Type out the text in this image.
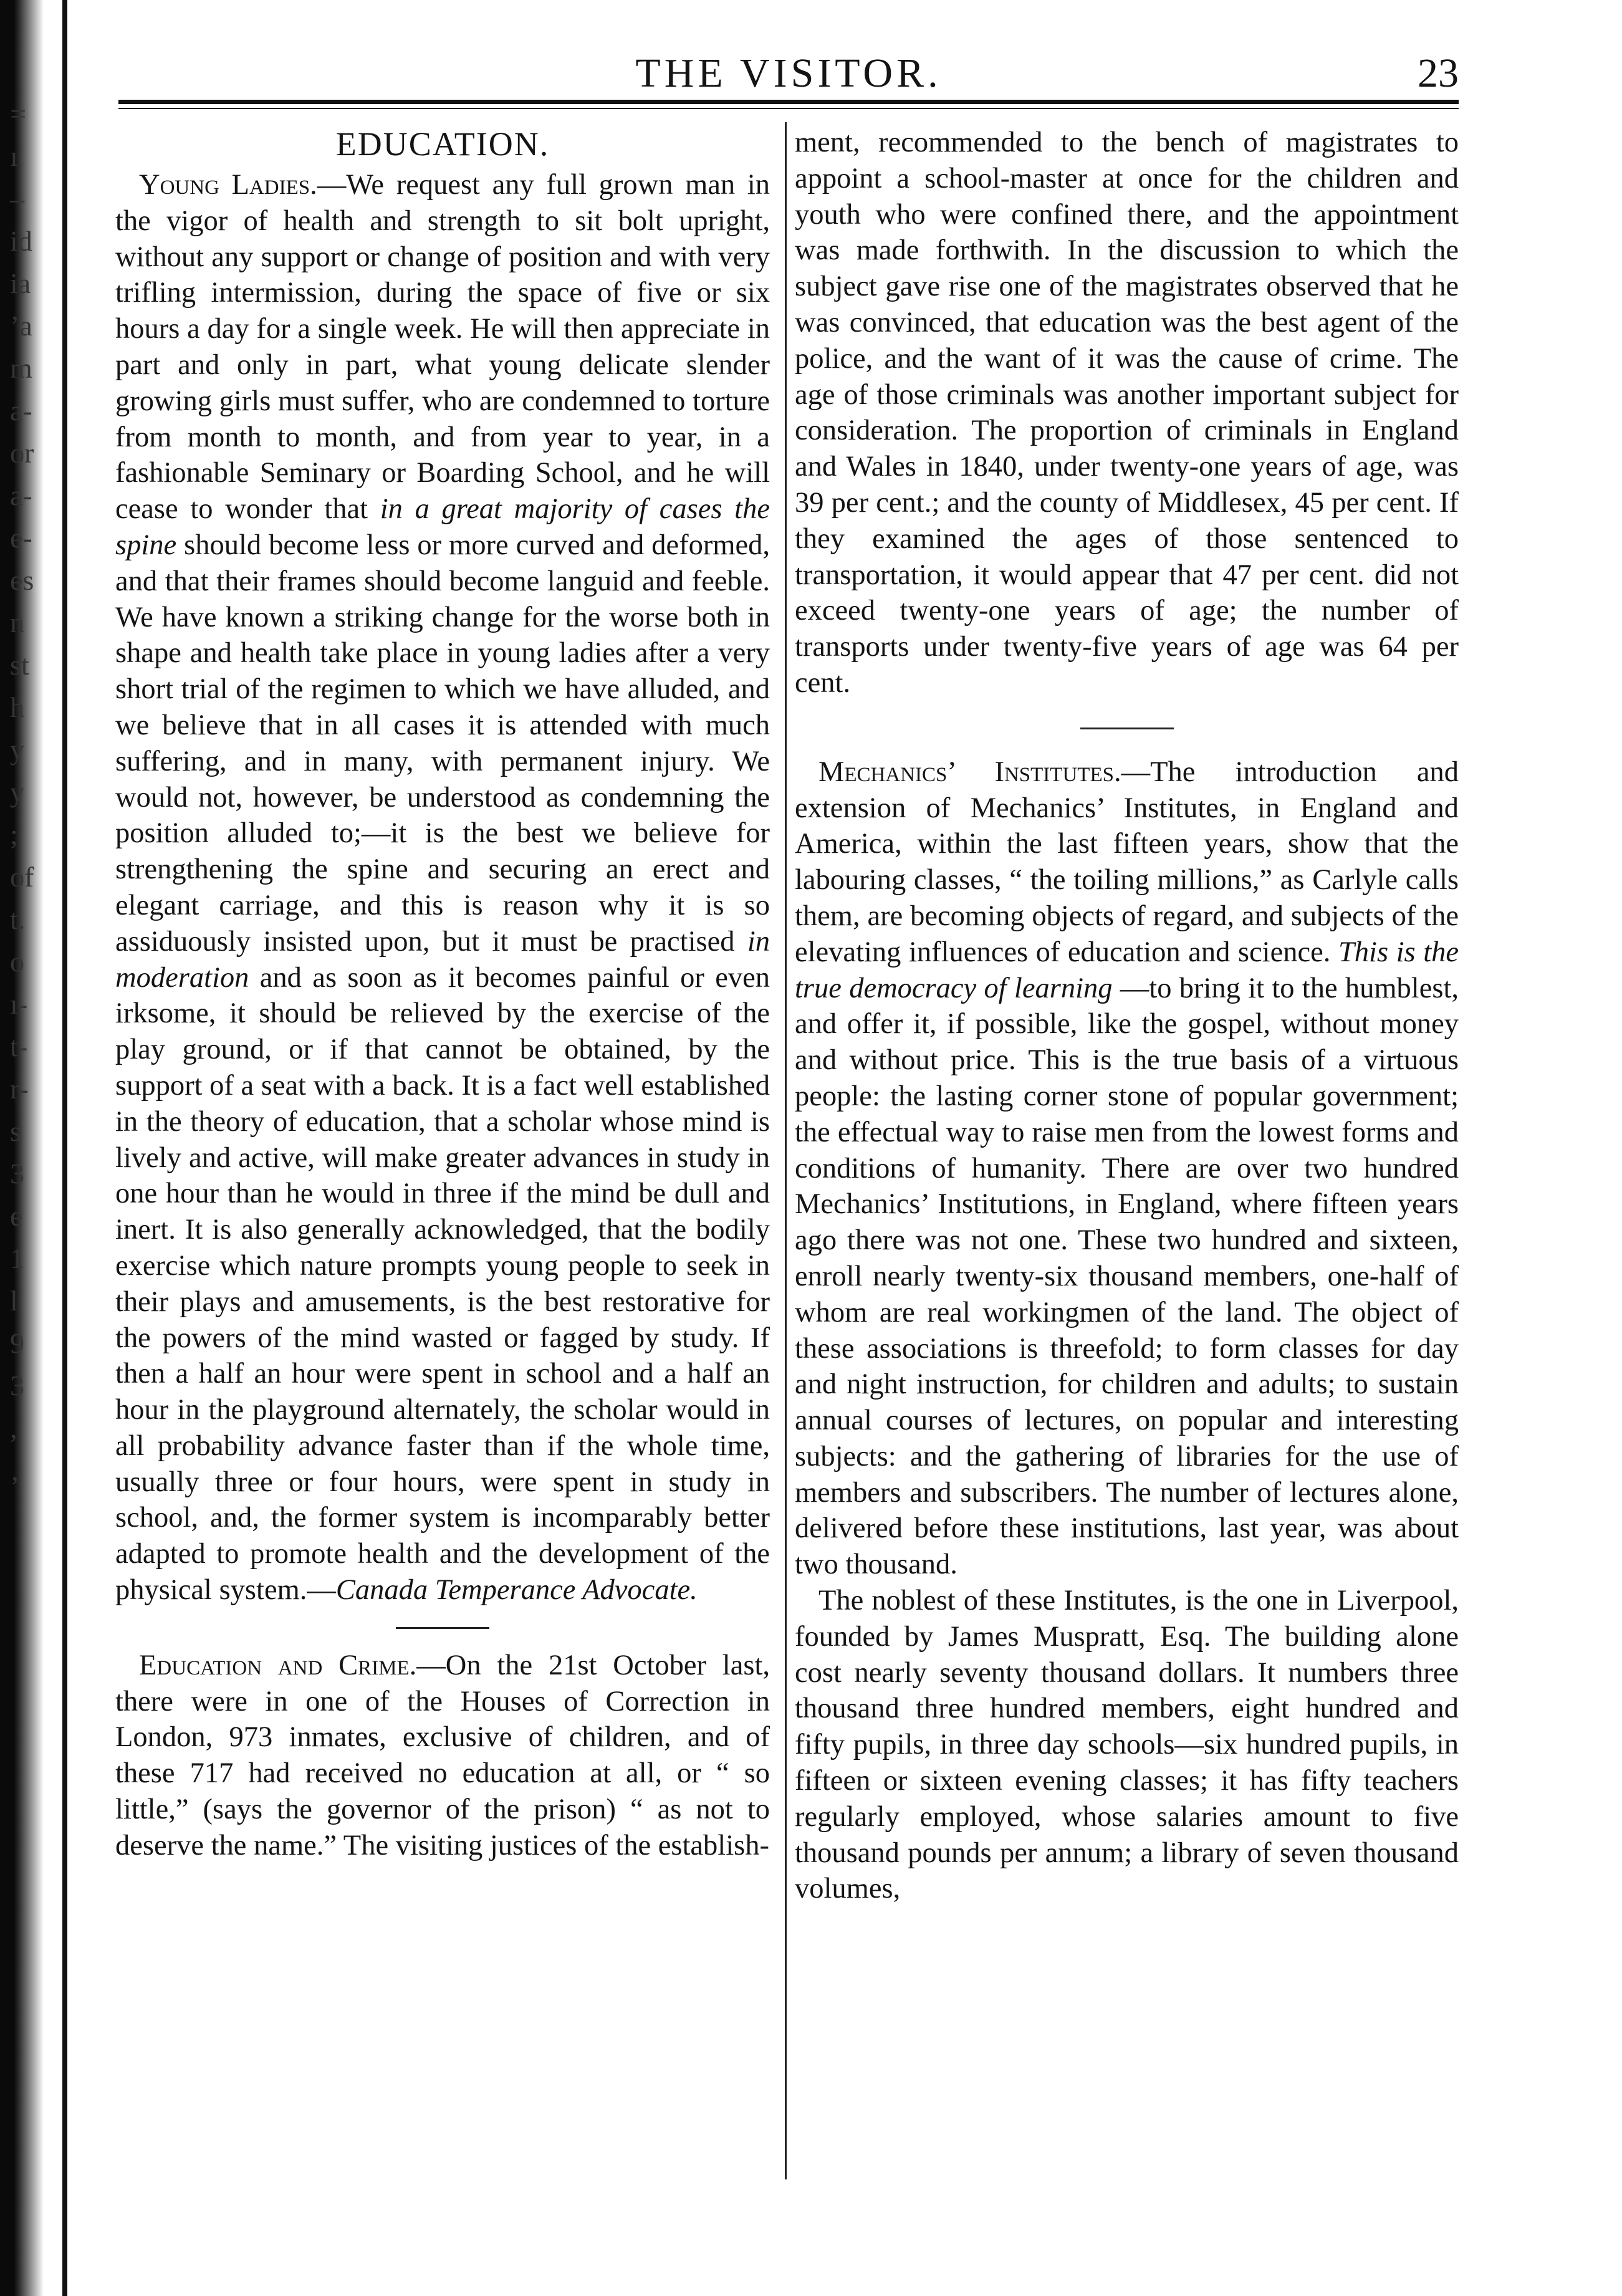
=
ı
‒
id
ia
’a
m
a-
or
a-
e-
es
n
st
h
y
y
;
of
t.
o
ı-
t-
r-
s
3
e
1
l
9
3
,
‚
THE VISITOR.	23
EDUCATION.

Young Ladies.—We request any full grown man in the vigor of health and strength to sit bolt upright, without any support or change of position and with very trifling intermission, during the space of five or six hours a day for a single week. He will then appreciate in part and only in part, what young delicate slender growing girls must suffer, who are condemned to torture from month to month, and from year to year, in a fashionable Seminary or Boarding School, and he will cease to wonder that in a great majority of cases the spine should become less or more curved and deformed, and that their frames should become languid and feeble. We have known a striking change for the worse both in shape and health take place in young ladies after a very short trial of the regimen to which we have alluded, and we believe that in all cases it is attended with much suffering, and in many, with permanent injury. We would not, however, be understood as condemning the position alluded to;—it is the best we believe for strengthening the spine and securing an erect and elegant carriage, and this is reason why it is so assiduously insisted upon, but it must be practised in moderation and as soon as it becomes painful or even irksome, it should be relieved by the exercise of the play ground, or if that cannot be obtained, by the support of a seat with a back. It is a fact well established in the theory of education, that a scholar whose mind is lively and active, will make greater advances in study in one hour than he would in three if the mind be dull and inert. It is also generally acknowledged, that the bodily exercise which nature prompts young people to seek in their plays and amusements, is the best restorative for the powers of the mind wasted or fagged by study. If then a half an hour were spent in school and a half an hour in the playground alternately, the scholar would in all probability advance faster than if the whole time, usually three or four hours, were spent in study in school, and, the former system is incomparably better adapted to promote health and the development of the physical system.—Canada Temperance Advocate.

Education and Crime.—On the 21st October last, there were in one of the Houses of Correction in London, 973 inmates, exclusive of children, and of these 717 had received no education at all, or “ so little,” (says the governor of the prison) “ as not to deserve the name.” The visiting justices of the establish-

ment, recommended to the bench of magistrates to appoint a school-master at once for the children and youth who were confined there, and the appointment was made forthwith. In the discussion to which the subject gave rise one of the magistrates observed that he was convinced, that education was the best agent of the police, and the want of it was the cause of crime. The age of those criminals was another important subject for consideration. The proportion of criminals in England and Wales in 1840, under twenty-one years of age, was 39 per cent.; and the county of Middlesex, 45 per cent. If they examined the ages of those sentenced to transportation, it would appear that 47 per cent. did not exceed twenty-one years of age; the number of transports under twenty-five years of age was 64 per cent.

Mechanics’ Institutes.—The introduction and extension of Mechanics’ Institutes, in England and America, within the last fifteen years, show that the labouring classes, “ the toiling millions,” as Carlyle calls them, are becoming objects of regard, and subjects of the elevating influences of education and science. This is the true democracy of learning —to bring it to the humblest, and offer it, if possible, like the gospel, without money and without price. This is the true basis of a virtuous people: the lasting corner stone of popular government; the effectual way to raise men from the lowest forms and conditions of humanity. There are over two hundred Mechanics’ Institutions, in England, where fifteen years ago there was not one. These two hundred and sixteen, enroll nearly twenty-six thousand members, one-half of whom are real workingmen of the land. The object of these associations is threefold; to form classes for day and night instruction, for children and adults; to sustain annual courses of lectures, on popular and interesting subjects: and the gathering of libraries for the use of members and subscribers. The number of lectures alone, delivered before these institutions, last year, was about two thousand.

The noblest of these Institutes, is the one in Liverpool, founded by James Muspratt, Esq. The building alone cost nearly seventy thousand dollars. It numbers three thousand three hundred members, eight hundred and fifty pupils, in three day schools—six hundred pupils, in fifteen or sixteen evening classes; it has fifty teachers regularly employed, whose salaries amount to five thousand pounds per annum; a library of seven thousand volumes,
